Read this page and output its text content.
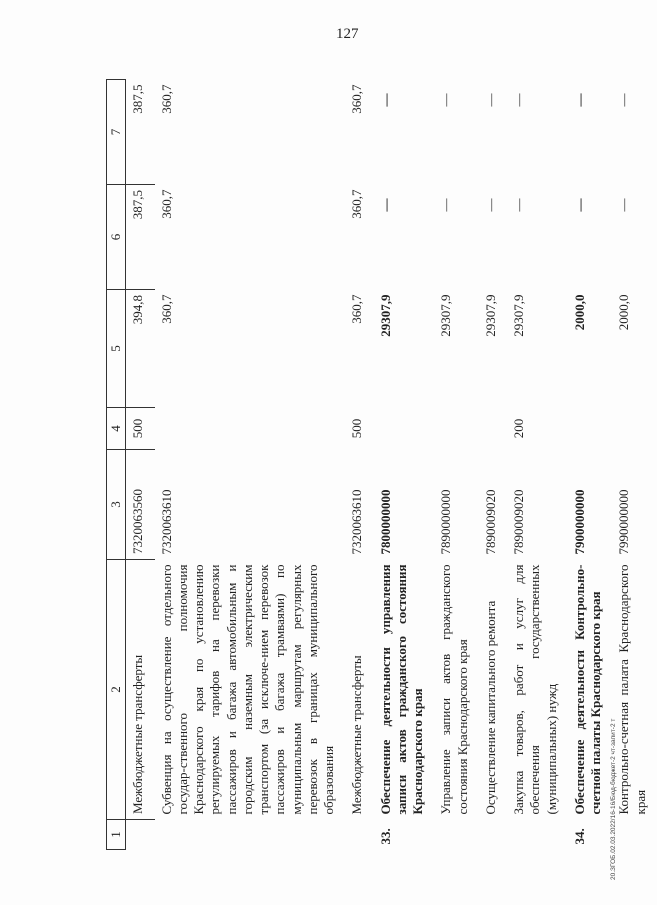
127
20.ЗГОБ.02.03.2022/16-16/Бюд-бюджет-2 чт-запит-2 т
1	2	3	4	5	6	7
	Межбюджетные трансферты	7320063560	500	394,8	387,5	387,5
	Субвенция на осуществление отдельного государ-ственного полномочия Краснодарского края по установлению регулируемых тарифов на перевозки пассажиров и багажа автомобильным и городским наземным электрическим транспортом (за исключе-нием перевозок пассажиров и багажа трамваями) по муниципальным маршрутам регулярных перевозок в границах муниципального образования	7320063610		360,7	360,7	360,7
	Межбюджетные трансферты	7320063610	500	360,7	360,7	360,7
33.	Обеспечение деятельности управления записи актов гражданского состояния Краснодарского края	7800000000		29307,9	—	—
	Управление записи актов гражданского состояния Краснодарского края	7890000000		29307,9	—	—
	Осуществление капитального ремонта	7890009020		29307,9	—	—
	Закупка товаров, работ и услуг для обеспечения государственных (муниципальных) нужд	7890009020	200	29307,9	—	—
34.	Обеспечение деятельности Контрольно-счетной палаты Краснодарского края	7900000000		2000,0	—	—
	Контрольно-счетная палата Краснодарского края	7990000000		2000,0	—	—
